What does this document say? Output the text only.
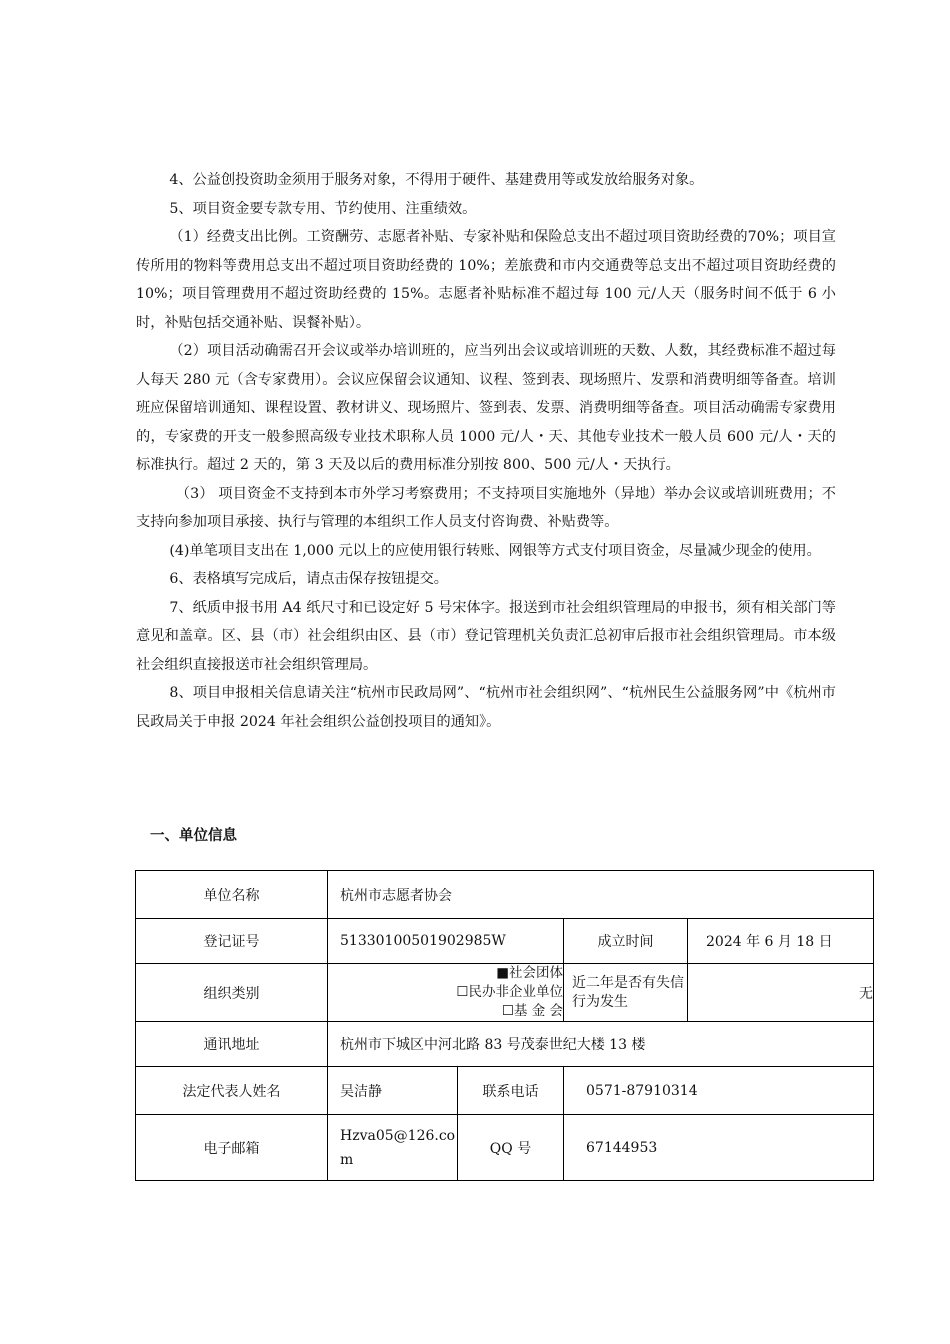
4、公益创投资助金须用于服务对象，不得用于硬件、基建费用等或发放给服务对象。

5、项目资金要专款专用、节约使用、注重绩效。

（1）经费支出比例。工资酬劳、志愿者补贴、专家补贴和保险总支出不超过项目资助经费的70%；项目宣传所用的物料等费用总支出不超过项目资助经费的 10%；差旅费和市内交通费等总支出不超过项目资助经费的 10%；项目管理费用不超过资助经费的 15%。志愿者补贴标准不超过每 100 元/人天（服务时间不低于 6 小时，补贴包括交通补贴、误餐补贴）。

（2）项目活动确需召开会议或举办培训班的，应当列出会议或培训班的天数、人数，其经费标准不超过每人每天 280 元（含专家费用）。会议应保留会议通知、议程、签到表、现场照片、发票和消费明细等备查。培训班应保留培训通知、课程设置、教材讲义、现场照片、签到表、发票、消费明细等备查。项目活动确需专家费用的，专家费的开支一般参照高级专业技术职称人员 1000 元/人・天、其他专业技术一般人员 600 元/人・天的标准执行。超过 2 天的，第 3 天及以后的费用标准分别按 800、500 元/人・天执行。

（3） 项目资金不支持到本市外学习考察费用；不支持项目实施地外（异地）举办会议或培训班费用；不支持向参加项目承接、执行与管理的本组织工作人员支付咨询费、补贴费等。

(4)单笔项目支出在 1,000 元以上的应使用银行转账、网银等方式支付项目资金，尽量减少现金的使用。

6、表格填写完成后，请点击保存按钮提交。

7、纸质申报书用 A4 纸尺寸和已设定好 5 号宋体字。报送到市社会组织管理局的申报书，须有相关部门等意见和盖章。区、县（市）社会组织由区、县（市）登记管理机关负责汇总初审后报市社会组织管理局。市本级社会组织直接报送市社会组织管理局。

8、项目申报相关信息请关注“杭州市民政局网”、“杭州市社会组织网”、“杭州民生公益服务网”中《杭州市民政局关于申报 2024 年社会组织公益创投项目的通知》。

一、单位信息
单位名称	杭州市志愿者协会			
登记证号	51330100501902985W		成立时间	2024 年 6 月 18 日
组织类别	■社会团体
☐民办非企业单位
☐基 金 会		近二年是否有失信行为发生	无
通讯地址	杭州市下城区中河北路 83 号茂泰世纪大楼 13 楼			
法定代表人姓名	吴洁静	联系电话	0571-87910314	
电子邮箱	Hzva05@126.com	QQ 号	67144953	
